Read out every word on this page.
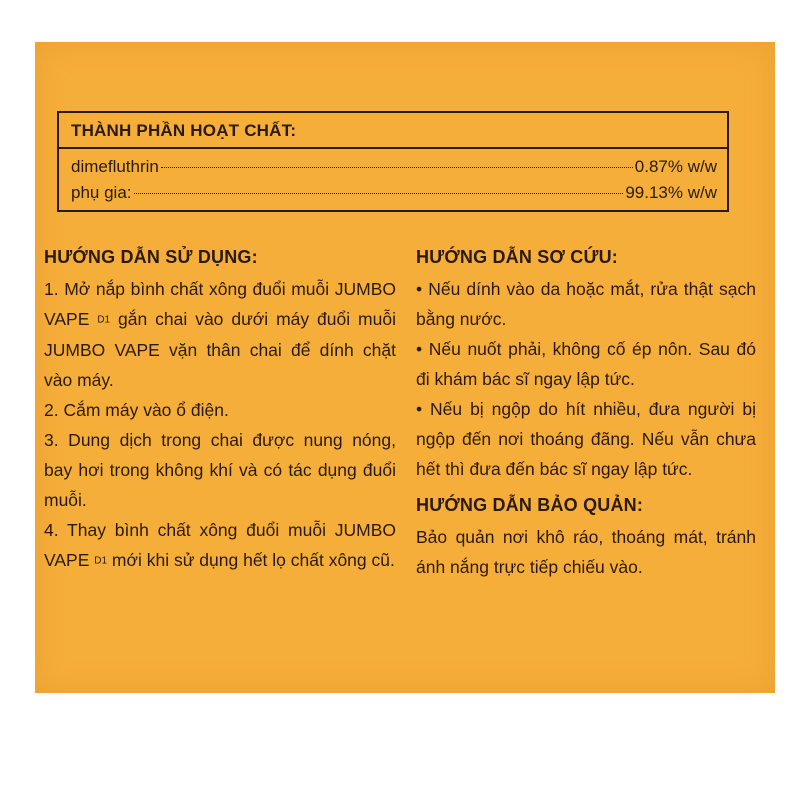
THÀNH PHẦN HOẠT CHẤT:
dimefluthrin	0.87% w/w
phụ gia:	99.13% w/w
HƯỚNG DẪN SỬ DỤNG:
1. Mở nắp bình chất xông đuổi muỗi JUMBO VAPE D1 gắn chai vào dưới máy đuổi muỗi JUMBO VAPE vặn thân chai để dính chặt vào máy.
2. Cắm máy vào ổ điện.
3. Dung dịch trong chai được nung nóng, bay hơi trong không khí và có tác dụng đuổi muỗi.
4. Thay bình chất xông đuổi muỗi JUMBO VAPE D1 mới khi sử dụng hết lọ chất xông cũ.
HƯỚNG DẪN SƠ CỨU:
• Nếu dính vào da hoặc mắt, rửa thật sạch bằng nước.
• Nếu nuốt phải, không cố ép nôn. Sau đó đi khám bác sĩ ngay lập tức.
• Nếu bị ngộp do hít nhiều, đưa người bị ngộp đến nơi thoáng đãng. Nếu vẫn chưa hết thì đưa đến bác sĩ ngay lập tức.
HƯỚNG DẪN BẢO QUẢN:
Bảo quản nơi khô ráo, thoáng mát, tránh ánh nắng trực tiếp chiếu vào.
